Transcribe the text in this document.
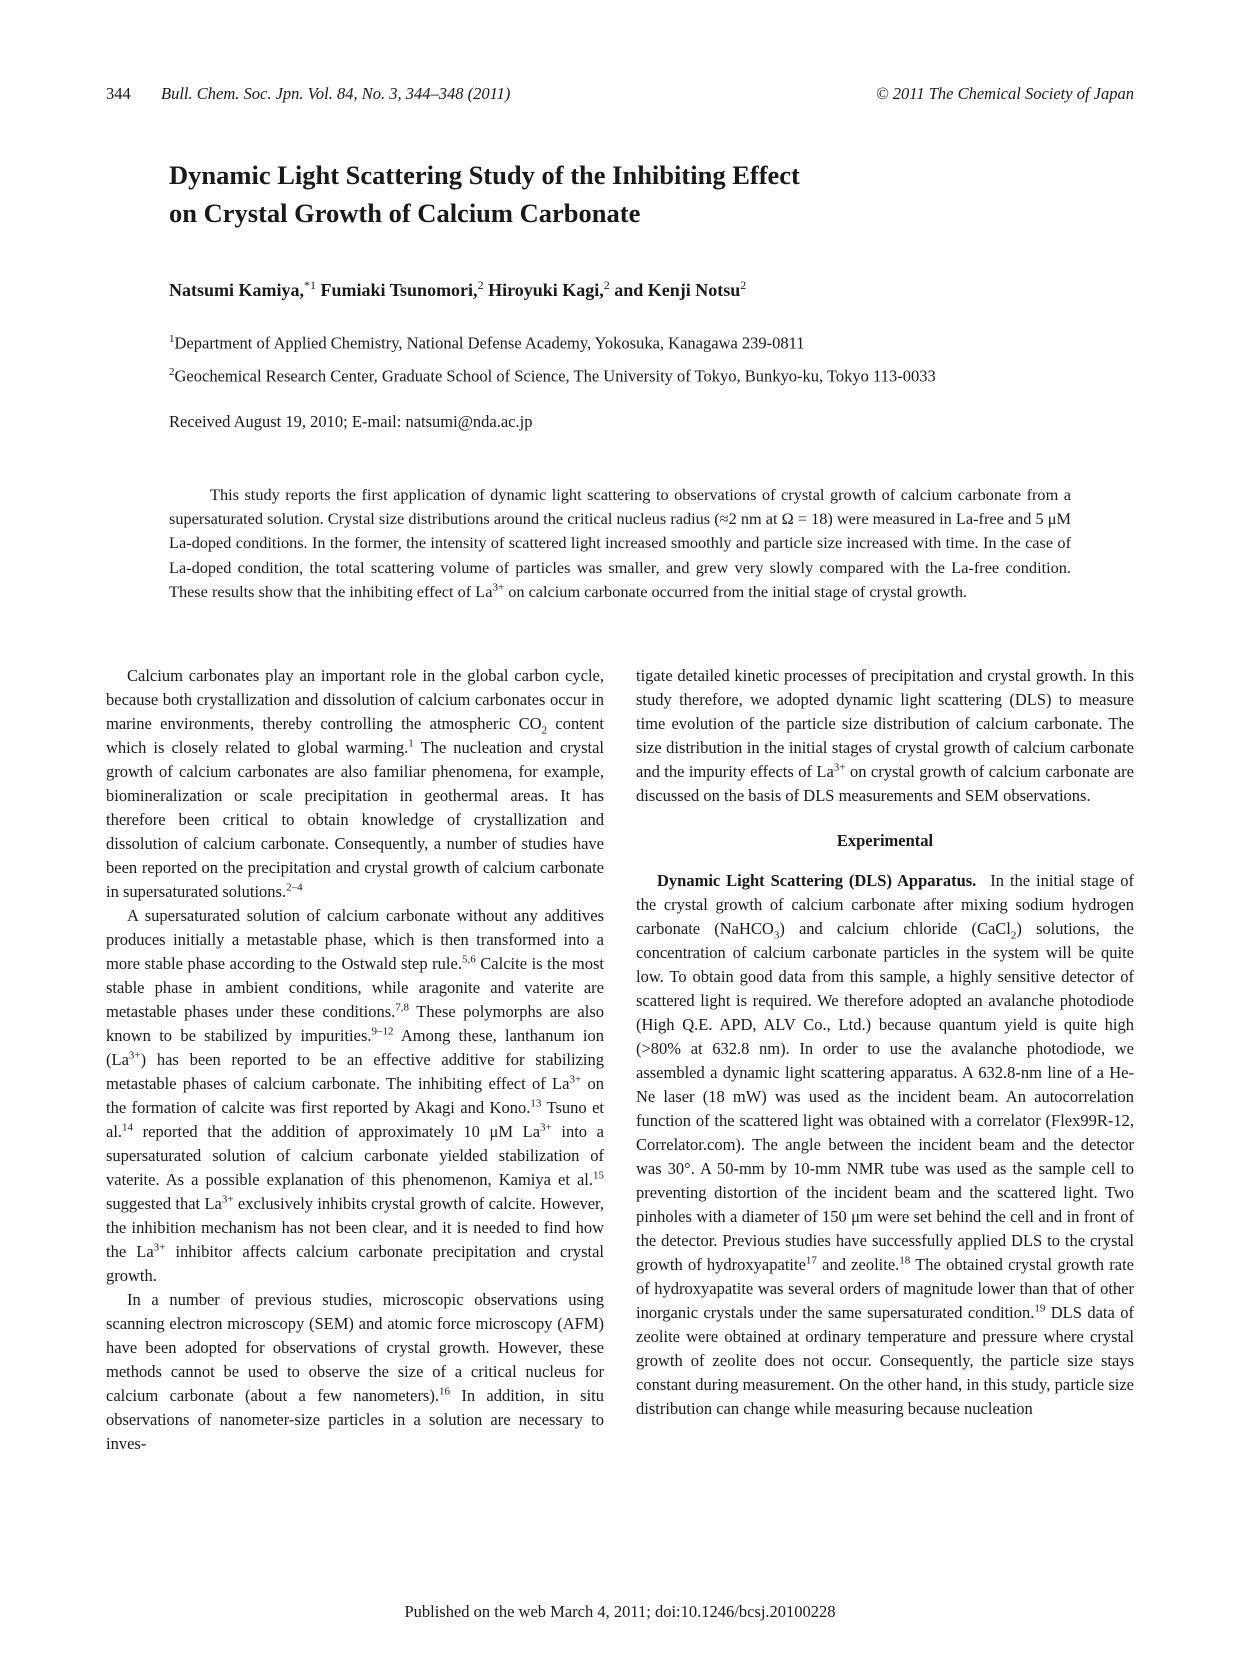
344 Bull. Chem. Soc. Jpn. Vol. 84, No. 3, 344–348 (2011)	© 2011 The Chemical Society of Japan
Dynamic Light Scattering Study of the Inhibiting Effect
on Crystal Growth of Calcium Carbonate
Natsumi Kamiya,$^{*1}$ Fumiaki Tsunomori,$^2$ Hiroyuki Kagi,$^2$ and Kenji Notsu$^2$
$^1$Department of Applied Chemistry, National Defense Academy, Yokosuka, Kanagawa 239-0811
$^2$Geochemical Research Center, Graduate School of Science, The University of Tokyo, Bunkyo-ku, Tokyo 113-0033
Received August 19, 2010; E-mail: natsumi@nda.ac.jp

This study reports the first application of dynamic light scattering to observations of crystal growth of calcium carbonate from a supersaturated solution. Crystal size distributions around the critical nucleus radius (≈2 nm at Ω = 18) were measured in La-free and 5 μM La-doped conditions. In the former, the intensity of scattered light increased smoothly and particle size increased with time. In the case of La-doped condition, the total scattering volume of particles was smaller, and grew very slowly compared with the La-free condition. These results show that the inhibiting effect of $La^{3+}$ on calcium carbonate occurred from the initial stage of crystal growth.

Calcium carbonates play an important role in the global carbon cycle, because both crystallization and dissolution of calcium carbonates occur in marine environments, thereby controlling the atmospheric $CO_2$ content which is closely related to global warming.$^1$ The nucleation and crystal growth of calcium carbonates are also familiar phenomena, for example, biomineralization or scale precipitation in geothermal areas. It has therefore been critical to obtain knowledge of crystallization and dissolution of calcium carbonate. Consequently, a number of studies have been reported on the precipitation and crystal growth of calcium carbonate in supersaturated solutions.$^{2-4}$

A supersaturated solution of calcium carbonate without any additives produces initially a metastable phase, which is then transformed into a more stable phase according to the Ostwald step rule.$^{5,6}$ Calcite is the most stable phase in ambient conditions, while aragonite and vaterite are metastable phases under these conditions.$^{7,8}$ These polymorphs are also known to be stabilized by impurities.$^{9-12}$ Among these, lanthanum ion $(La^{3+})$ has been reported to be an effective additive for stabilizing metastable phases of calcium carbonate. The inhibiting effect of $La^{3+}$ on the formation of calcite was first reported by Akagi and Kono.$^{13}$ Tsuno et al.$^{14}$ reported that the addition of approximately 10 μM $La^{3+}$ into a supersaturated solution of calcium carbonate yielded stabilization of vaterite. As a possible explanation of this phenomenon, Kamiya et al.$^{15}$ suggested that $La^{3+}$ exclusively inhibits crystal growth of calcite. However, the inhibition mechanism has not been clear, and it is needed to find how the $La^{3+}$ inhibitor affects calcium carbonate precipitation and crystal growth.

In a number of previous studies, microscopic observations using scanning electron microscopy (SEM) and atomic force microscopy (AFM) have been adopted for observations of crystal growth. However, these methods cannot be used to observe the size of a critical nucleus for calcium carbonate (about a few nanometers).$^{16}$ In addition, in situ observations of nanometer-size particles in a solution are necessary to inves-

tigate detailed kinetic processes of precipitation and crystal growth. In this study therefore, we adopted dynamic light scattering (DLS) to measure time evolution of the particle size distribution of calcium carbonate. The size distribution in the initial stages of crystal growth of calcium carbonate and the impurity effects of $La^{3+}$ on crystal growth of calcium carbonate are discussed on the basis of DLS measurements and SEM observations.

Experimental

Dynamic Light Scattering (DLS) Apparatus. In the initial stage of the crystal growth of calcium carbonate after mixing sodium hydrogen carbonate (NaHCO$_3$) and calcium chloride (CaCl$_2$) solutions, the concentration of calcium carbonate particles in the system will be quite low. To obtain good data from this sample, a highly sensitive detector of scattered light is required. We therefore adopted an avalanche photodiode (High Q.E. APD, ALV Co., Ltd.) because quantum yield is quite high (>80% at 632.8 nm). In order to use the avalanche photodiode, we assembled a dynamic light scattering apparatus. A 632.8-nm line of a He-Ne laser (18 mW) was used as the incident beam. An autocorrelation function of the scattered light was obtained with a correlator (Flex99R-12, Correlator.com). The angle between the incident beam and the detector was 30°. A 50-mm by 10-mm NMR tube was used as the sample cell to preventing distortion of the incident beam and the scattered light. Two pinholes with a diameter of 150 μm were set behind the cell and in front of the detector. Previous studies have successfully applied DLS to the crystal growth of hydroxyapatite$^{17}$ and zeolite.$^{18}$ The obtained crystal growth rate of hydroxyapatite was several orders of magnitude lower than that of other inorganic crystals under the same supersaturated condition.$^{19}$ DLS data of zeolite were obtained at ordinary temperature and pressure where crystal growth of zeolite does not occur. Consequently, the particle size stays constant during measurement. On the other hand, in this study, particle size distribution can change while measuring because nucleation

Published on the web March 4, 2011; doi:10.1246/bcsj.20100228
